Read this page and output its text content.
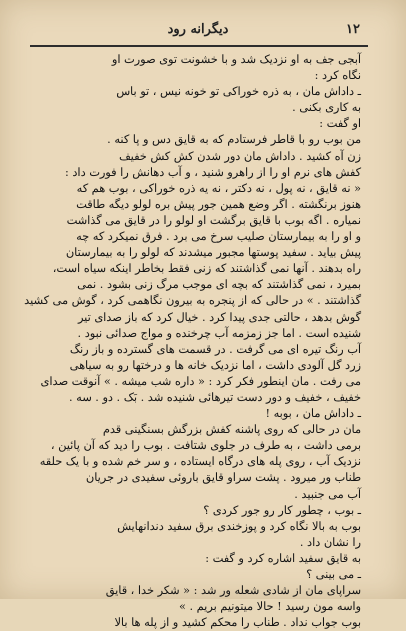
۱۲
دیگرانه رود
آبجی جف به او نزدیک شد و با خشونت توی صورت او
نگاه کرد :
ـ داداش مان ، به ذره خوراکی تو خونه نیس ، تو باس
به کاری بکنی .
او گفت :
من بوب رو با قاطر فرستادم که به قایق دس و پا کنه .
زن آه کشید . داداش مان دور شدن کش کش خفیف
کفش های نرم او را از راهرو شنید ، و آب دهانش را فورت داد :
« نه قایق ، نه پول ، نه دکتر ، نه یه ذره خوراکی ، بوب هم که
هنوز برنگشته . اگر وضع همین جور پیش بره لولو دیگه طاقت
نمیاره . اگه بوب با قایق برگشت او لولو را در قایق می گذاشت
و او را به بیمارستان صلیب سرخ می برد . فرق نمیکرد که چه
پیش بیاید . سفید پوستها مجبور میشدند که لولو را به بیمارستان
راه بدهند . آنها نمی گذاشتند که زنی فقط بخاطر اینکه سیاه است،
بمیرد ، نمی گذاشتند که بچه ای موجب مرگ زنی بشود . نمی
گذاشتند . » در حالی که از پنجره به بیرون نگاهمی کرد ، گوش می کشید
گوش بدهد ، حالتی جدی پیدا کرد . خیال کرد که باز صدای تیر
شنیده است . اما جز زمزمه آب چرخنده و مواج صدائی نبود .
آب رنگ تیره ای می گرفت . در قسمت های گسترده و باز رنگ
زرد گل آلودی داشت ، اما نزدیک خانه ها و درختها رو به سیاهی
می رفت . مان اینطور فکر کرد : « داره شب میشه . » آنوقت صدای
خفیف ، خفیف و دور دست تیرهائی شنیده شد . بَک . دو . سه .
ـ داداش مان ، بوبه !
مان در حالی که روی پاشنه کفش بزرگش بسنگینی قدم
برمی داشت ، به طرف در جلوی شتافت . بوب را دید که آن پائین ،
نزدیک آب ، روی پله های درگاه ایستاده ، و سر خم شده و با یک حلقه
طناب ور میرود . پشت سراو قایق باروئی سفیدی در جریان
آب می جنبید .
ـ بوب ، چطور کار رو جور کردی ؟
بوب به بالا نگاه کرد و پوزخندی برق سفید دندانهایش
را نشان داد .
به قایق سفید اشاره کرد و گفت :
ـ می بینی ؟
سراپای مان از شادی شعله ور شد : « شکر خدا ، قایق
واسه مون رسید ! حالا میتونیم بریم . »
بوب جواب نداد . طناب را محکم کشید و از پله ها بالا
